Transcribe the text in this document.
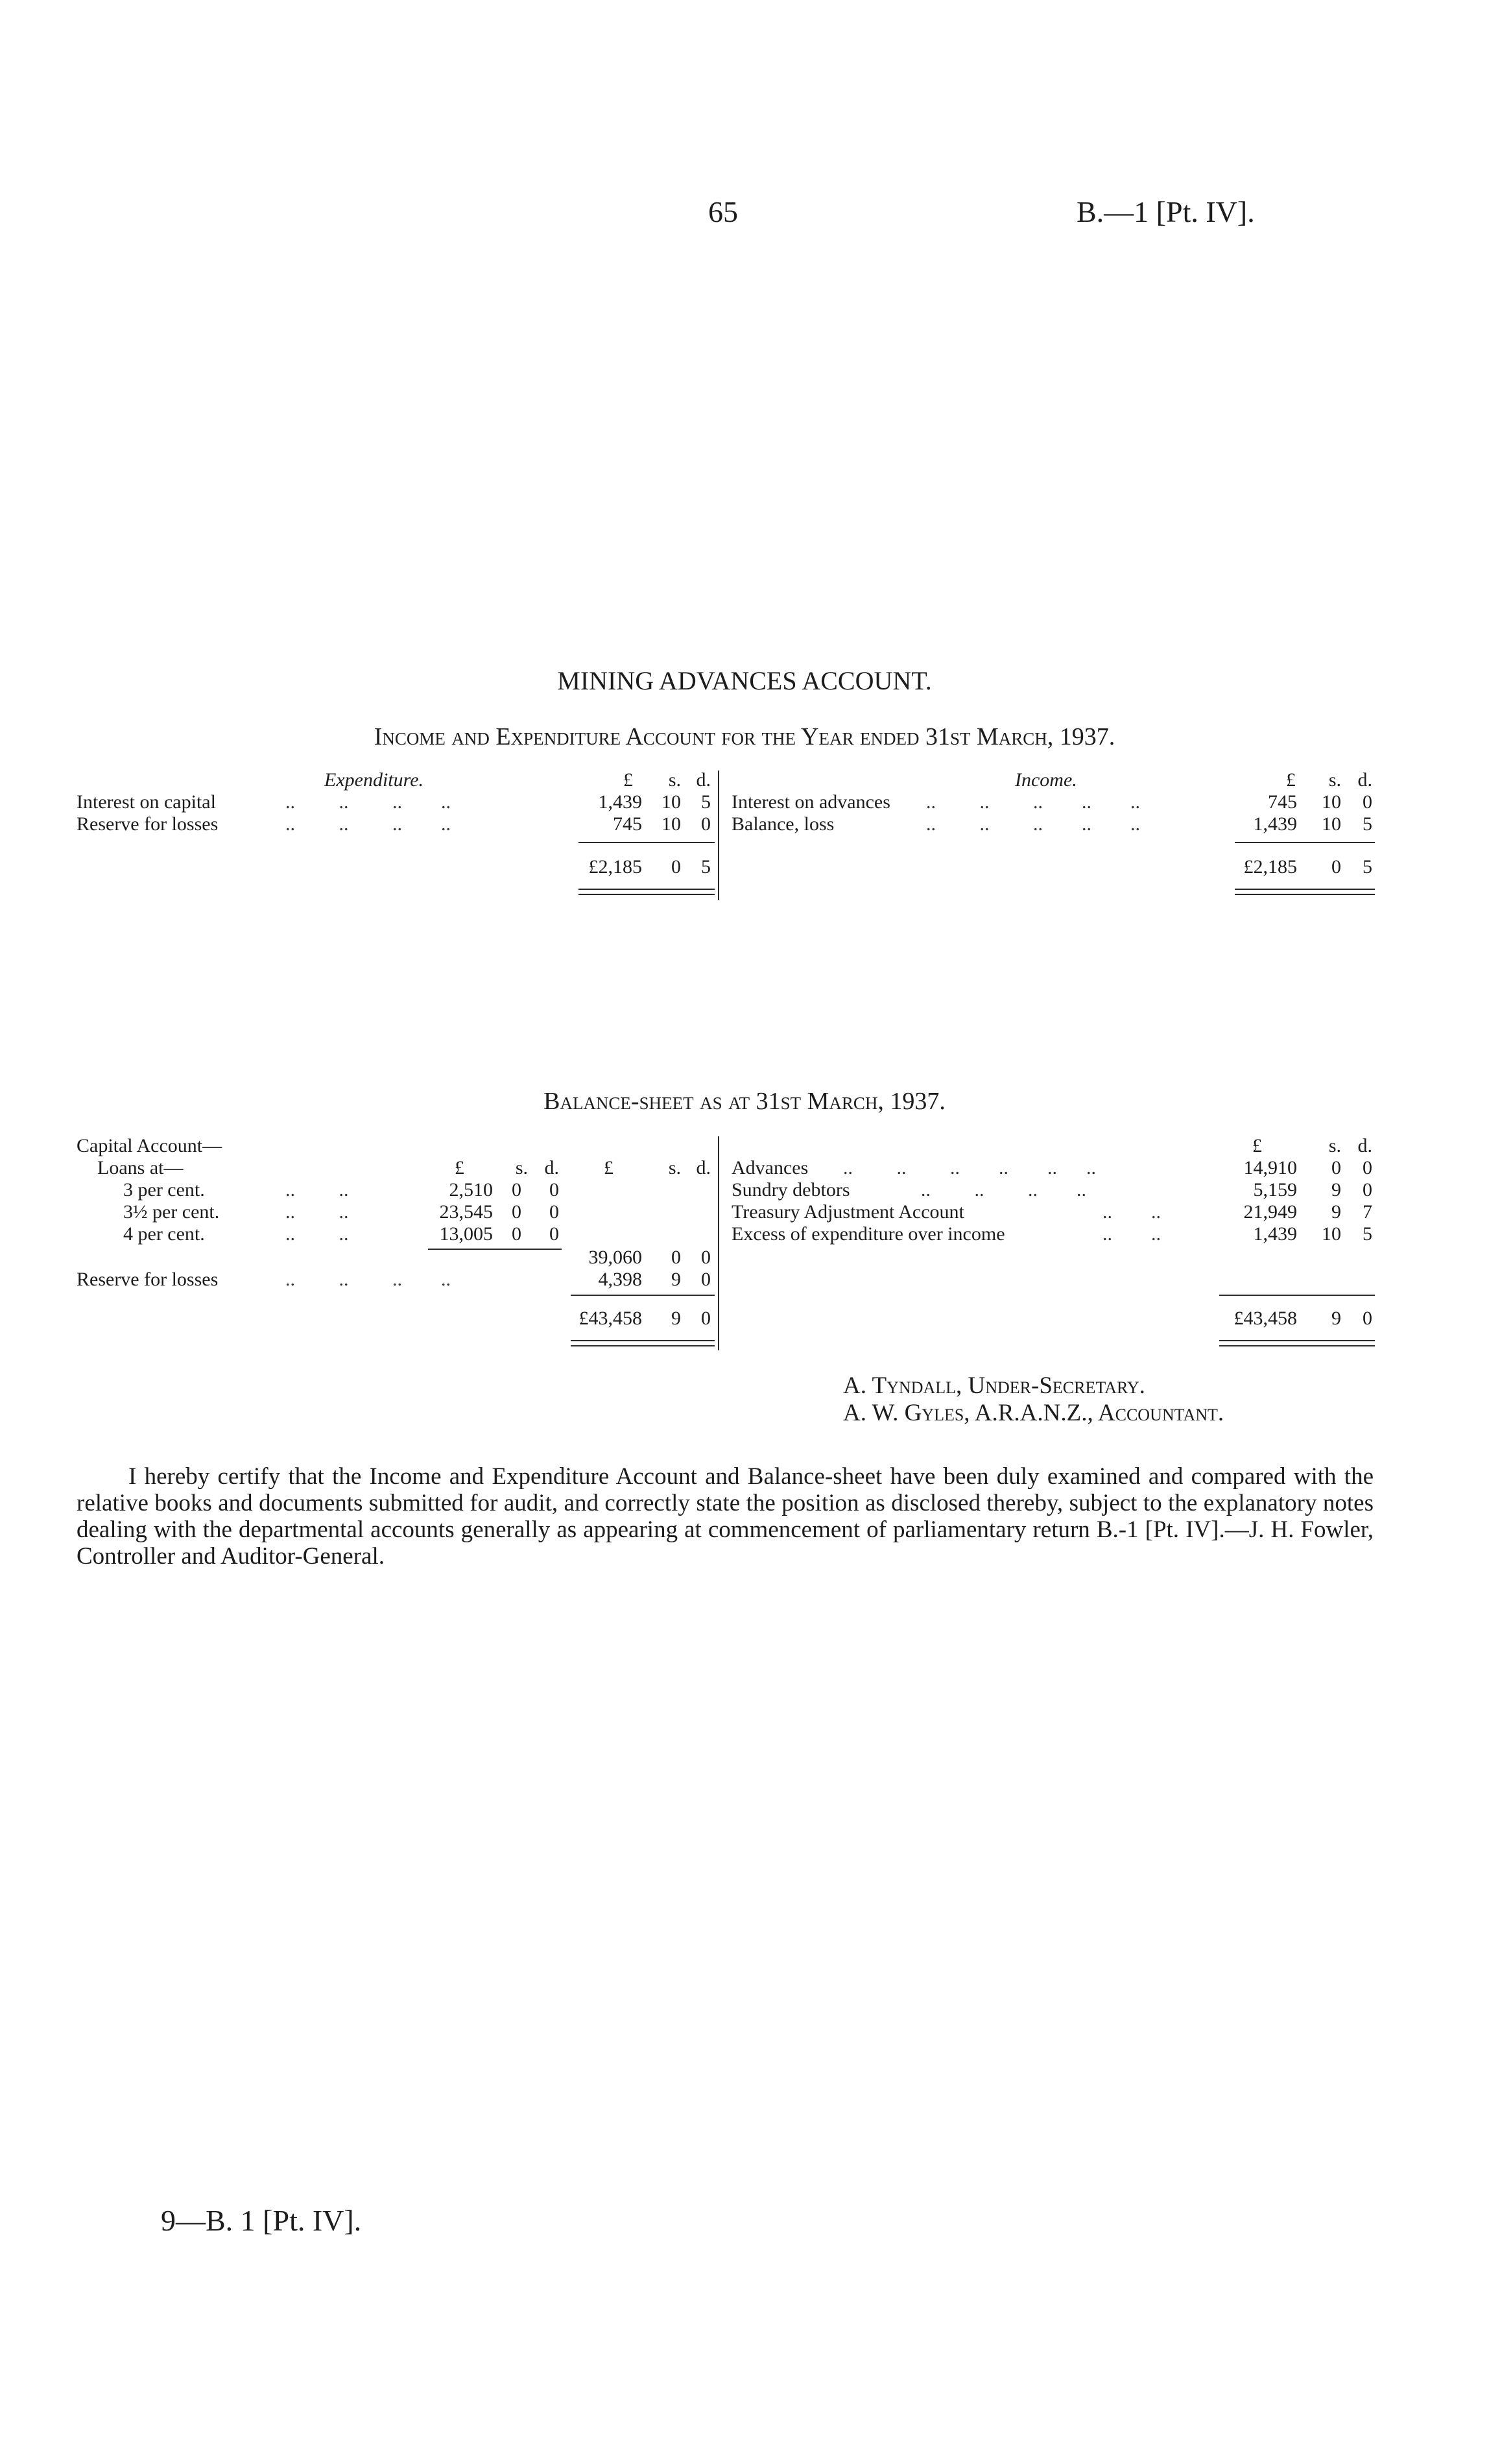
65	B.—1 [Pt. IV].
MINING ADVANCES ACCOUNT.
Income and Expenditure Account for the Year ended 31st March, 1937.
Expenditure.	£	s. d.	Income.	£	s. d.
Interest on capital	..         ..         ..        ..	1,439	10	5
Reserve for losses	..         ..         ..        ..	745	10	0
£2,185	0	5
Interest on advances ..         ..         ..        ..        ..	745	10	0
Balance, loss	..         ..         ..        ..        ..	1,439	10	5
£2,185	0	5
Balance-sheet as at 31st March, 1937.
Capital Account—
Loans at—	£	s. d.	£	s. d.
3 per cent.	..         ..	2,510 0	0
3½ per cent.	..         ..	23,545 0	0
4 per cent.	..         ..	13,005 0	0
39,060	0	0
Reserve for losses	..         ..         ..        ..	4,398	9	0
£43,458	9	0
£	s. d.
Advances ..         ..         ..        ..        ..      ..	14,910	0	0
Sundry debtors	..         ..         ..        ..	5,159	9	0
Treasury Adjustment Account	..        ..	21,949	9	7
Excess of expenditure over income	..        ..	1,439	10	5
£43,458	9	0
A. Tyndall, Under-Secretary.
A. W. Gyles, A.R.A.N.Z., Accountant.
I hereby certify that the Income and Expenditure Account and Balance-sheet have been duly examined and compared with the relative books and documents submitted for audit, and correctly state the position as disclosed thereby, subject to the explanatory notes dealing with the departmental accounts generally as appearing at commencement of parliamentary return B.-1 [Pt. IV].—J. H. Fowler, Controller and Auditor-General.
9—B. 1 [Pt. IV].
